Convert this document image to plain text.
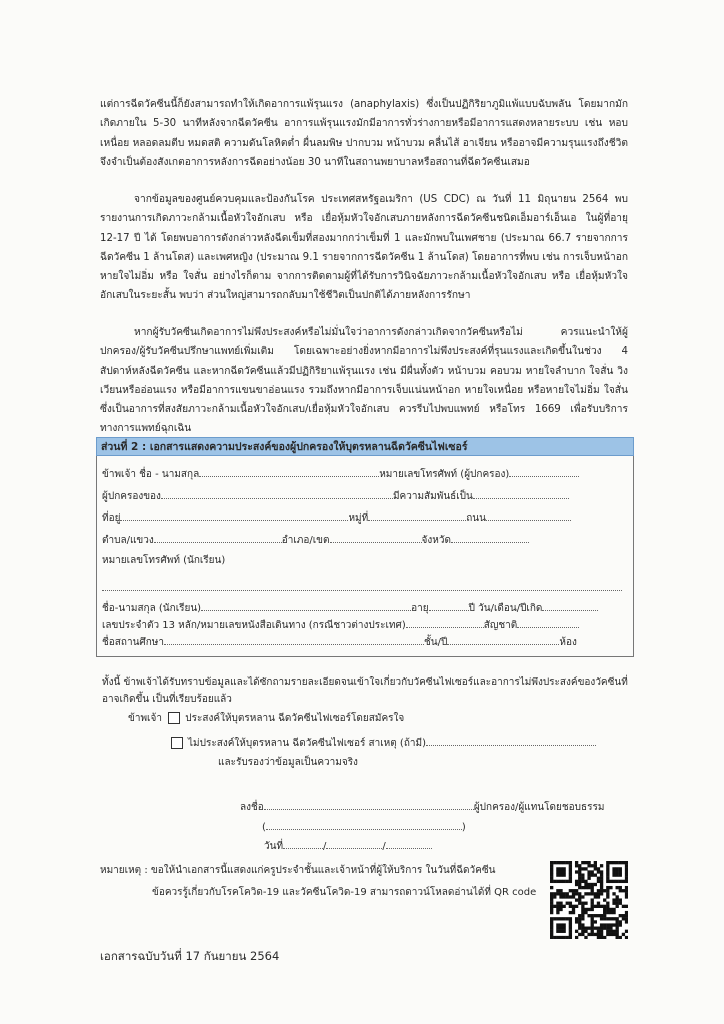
แต่การฉีดวัคซีนนี้ก็ยังสามารถทำให้เกิดอาการแพ้รุนแรง (anaphylaxis) ซึ่งเป็นปฏิกิริยาภูมิแพ้แบบฉับพลัน โดยมากมักเกิดภายใน 5-30 นาทีหลังจากฉีดวัคซีน อาการแพ้รุนแรงมักมีอาการทั่วร่างกายหรือมีอาการแสดงหลายระบบ เช่น หอบเหนื่อย หลอดลมตีบ หมดสติ ความดันโลหิตต่ำ ผื่นลมพิษ ปากบวม หน้าบวม คลื่นไส้ อาเจียน หรืออาจมีความรุนแรงถึงชีวิต จึงจำเป็นต้องสังเกตอาการหลังการฉีดอย่างน้อย 30 นาทีในสถานพยาบาลหรือสถานที่ฉีดวัคซีนเสมอ
จากข้อมูลของศูนย์ควบคุมและป้องกันโรค ประเทศสหรัฐอเมริกา (US CDC) ณ วันที่ 11 มิถุนายน 2564 พบรายงานการเกิดภาวะกล้ามเนื้อหัวใจอักเสบ หรือ เยื่อหุ้มหัวใจอักเสบภายหลังการฉีดวัคซีนชนิดเอ็มอาร์เอ็นเอ ในผู้ที่อายุ 12-17 ปี ได้ โดยพบอาการดังกล่าวหลังฉีดเข็มที่สองมากกว่าเข็มที่ 1 และมักพบในเพศชาย (ประมาณ 66.7 รายจากการฉีดวัคซีน 1 ล้านโดส) และเพศหญิง (ประมาณ 9.1 รายจากการฉีดวัคซีน 1 ล้านโดส) โดยอาการที่พบ เช่น การเจ็บหน้าอก หายใจไม่อิ่ม หรือ ใจสั่น อย่างไรก็ตาม จากการติดตามผู้ที่ได้รับการวินิจฉัยภาวะกล้ามเนื้อหัวใจอักเสบ หรือ เยื่อหุ้มหัวใจอักเสบในระยะสั้น พบว่า ส่วนใหญ่สามารถกลับมาใช้ชีวิตเป็นปกติได้ภายหลังการรักษา
หากผู้รับวัคซีนเกิดอาการไม่พึงประสงค์หรือไม่มั่นใจว่าอาการดังกล่าวเกิดจากวัคซีนหรือไม่ ควรแนะนำให้ผู้ปกครอง/ผู้รับวัคซีนปรึกษาแพทย์เพิ่มเติม โดยเฉพาะอย่างยิ่งหากมีอาการไม่พึงประสงค์ที่รุนแรงและเกิดขึ้นในช่วง 4 สัปดาห์หลังฉีดวัคซีน และหากฉีดวัคซีนแล้วมีปฏิกิริยาแพ้รุนแรง เช่น มีผื่นทั้งตัว หน้าบวม คอบวม หายใจลำบาก ใจสั่น วิงเวียนหรืออ่อนแรง หรือมีอาการแขนขาอ่อนแรง รวมถึงหากมีอาการเจ็บแน่นหน้าอก หายใจเหนื่อย หรือหายใจไม่อิ่ม ใจสั่น ซึ่งเป็นอาการที่สงสัยภาวะกล้ามเนื้อหัวใจอักเสบ/เยื่อหุ้มหัวใจอักเสบ ควรรีบไปพบแพทย์ หรือโทร 1669 เพื่อรับบริการทางการแพทย์ฉุกเฉิน
ส่วนที่ 2 : เอกสารแสดงความประสงค์ของผู้ปกครองให้บุตรหลานฉีดวัคซีนไฟเซอร์
ข้าพเจ้า ชื่อ - นามสกุล	หมายเลขโทรศัพท์ (ผู้ปกครอง)
ผู้ปกครองของ	มีความสัมพันธ์เป็น
ที่อยู่	หมู่ที่	ถนน
ตำบล/แขวง	อำเภอ/เขต	จังหวัด
หมายเลขโทรศัพท์ (นักเรียน)
ชื่อ-นามสกุล (นักเรียน)	อายุ	ปี วัน/เดือน/ปีเกิด
เลขประจำตัว 13 หลัก/หมายเลขหนังสือเดินทาง (กรณีชาวต่างประเทศ)	สัญชาติ
ชื่อสถานศึกษา	ชั้น/ปี	ห้อง
ทั้งนี้ ข้าพเจ้าได้รับทราบข้อมูลและได้ซักถามรายละเอียดจนเข้าใจเกี่ยวกับวัคซีนไฟเซอร์และอาการไม่พึงประสงค์ของวัคซีนที่
อาจเกิดขึ้น เป็นที่เรียบร้อยแล้ว
ข้าพเจ้า ประสงค์ให้บุตรหลาน ฉีดวัคซีนไฟเซอร์โดยสมัครใจ
ไม่ประสงค์ให้บุตรหลาน ฉีดวัคซีนไฟเซอร์ สาเหตุ (ถ้ามี)
และรับรองว่าข้อมูลเป็นความจริง
ลงชื่อ	ผู้ปกครอง/ผู้แทนโดยชอบธรรม
(	)
วันที่	/	/
หมายเหตุ : ขอให้นำเอกสารนี้แสดงแก่ครูประจำชั้นและเจ้าหน้าที่ผู้ให้บริการ ในวันที่ฉีดวัคซีน
ข้อควรรู้เกี่ยวกับโรคโควิด-19 และวัคซีนโควิด-19 สามารถดาวน์โหลดอ่านได้ที่ QR code
เอกสารฉบับวันที่ 17 กันยายน 2564
